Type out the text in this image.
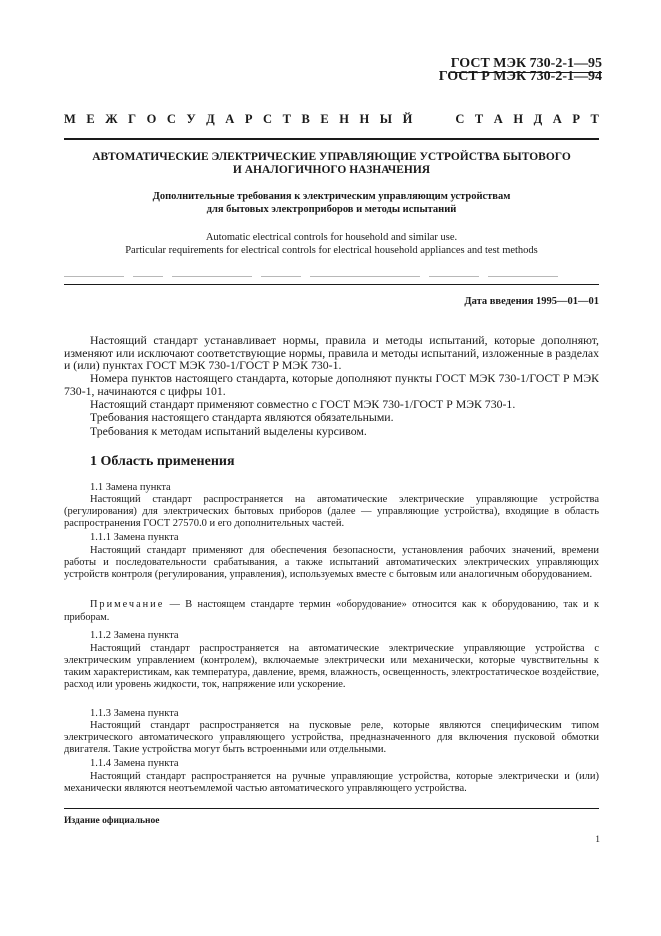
ГОСТ МЭК 730-2-1—95
ГОСТ Р МЭК 730-2-1—94
М Е Ж Г О С У Д А Р С Т В Е Н Н Ы Й
	С Т А Н Д А Р Т
АВТОМАТИЧЕСКИЕ ЭЛЕКТРИЧЕСКИЕ УПРАВЛЯЮЩИЕ УСТРОЙСТВА БЫТОВОГО
И АНАЛОГИЧНОГО НАЗНАЧЕНИЯ
Дополнительные требования к электрическим управляющим устройствам
для бытовых электроприборов и методы испытаний
Automatic electrical controls for household and similar use.
Particular requirements for electrical controls for electrical household appliances and test methods
Дата введения 1995—01—01
Настоящий стандарт устанавливает нормы, правила и методы испытаний, которые дополняют, изменяют или исключают соответствующие нормы, правила и методы испытаний, изложенные в разделах и (или) пунктах ГОСТ МЭК 730-1/ГОСТ Р МЭК 730-1.
Номера пунктов настоящего стандарта, которые дополняют пункты ГОСТ МЭК 730-1/ГОСТ Р МЭК 730-1, начинаются с цифры 101.
Настоящий стандарт применяют совместно с ГОСТ МЭК 730-1/ГОСТ Р МЭК 730-1.
Требования настоящего стандарта являются обязательными.
Требования к методам испытаний выделены курсивом.
1 Область применения
1.1 Замена пункта
Настоящий стандарт распространяется на автоматические электрические управляющие устройства (регулирования) для электрических бытовых приборов (далее — управляющие устройства), входящие в область распространения ГОСТ 27570.0 и его дополнительных частей.
1.1.1 Замена пункта
Настоящий стандарт применяют для обеспечения безопасности, установления рабочих значений, времени работы и последовательности срабатывания, а также испытаний автоматических электрических управляющих устройств контроля (регулирования, управления), используемых вместе с бытовым или аналогичным оборудованием.
Примечание — В настоящем стандарте термин «оборудование» относится как к оборудованию, так и к приборам.
1.1.2 Замена пункта
Настоящий стандарт распространяется на автоматические электрические управляющие устройства с электрическим управлением (контролем), включаемые электрически или механически, которые чувствительны к таким характеристикам, как температура, давление, время, влажность, освещенность, электростатическое воздействие, расход или уровень жидкости, ток, напряжение или ускорение.
1.1.3 Замена пункта
Настоящий стандарт распространяется на пусковые реле, которые являются специфическим типом электрического автоматического управляющего устройства, предназначенного для включения пусковой обмотки двигателя. Такие устройства могут быть встроенными или отдельными.
1.1.4 Замена пункта
Настоящий стандарт распространяется на ручные управляющие устройства, которые электрически и (или) механически являются неотъемлемой частью автоматического управляющего устройства.
Издание официальное
1
